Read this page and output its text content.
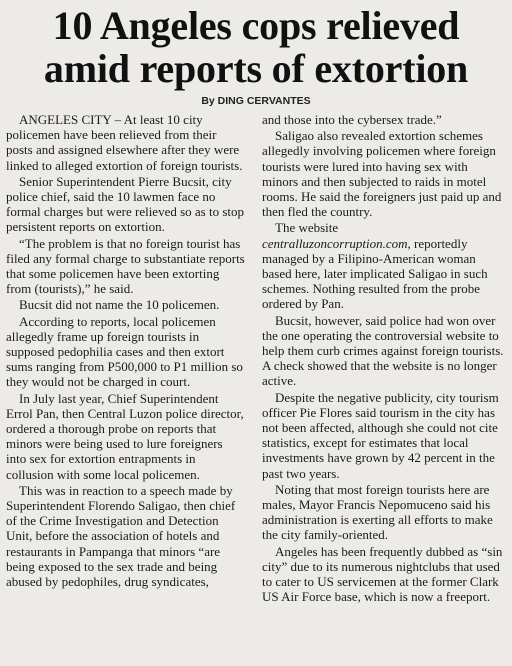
10 Angeles cops relieved
amid reports of extortion
By DING CERVANTES

ANGELES CITY – At least 10 city policemen have been relieved from their posts and assigned elsewhere after they were linked to alleged extortion of foreign tourists.

Senior Superintendent Pierre Bucsit, city police chief, said the 10 lawmen face no formal charges but were relieved so as to stop persistent reports on extortion.

“The problem is that no foreign tourist has filed any formal charge to substantiate reports that some policemen have been extorting from (tourists),” he said.

Bucsit did not name the 10 policemen.

According to reports, local policemen allegedly frame up foreign tourists in supposed pedophilia cases and then extort sums ranging from P500,000 to P1 million so they would not be charged in court.

In July last year, Chief Superintendent Errol Pan, then Central Luzon police director, ordered a thorough probe on reports that minors were being used to lure foreigners into sex for extortion entrapments in collusion with some local policemen.

This was in reaction to a speech made by Superintendent Florendo Saligao, then chief of the Crime Investigation and Detection Unit, before the association of hotels and restaurants in Pampanga that minors “are being exposed to the sex trade and being abused by pedophiles, drug syndicates,

and those into the cybersex trade.”

Saligao also revealed extortion schemes allegedly involving policemen where foreign tourists were lured into having sex with minors and then subjected to raids in motel rooms. He said the foreigners just paid up and then fled the country.

The website
centralluzoncorruption.com, reportedly managed by a Filipino-American woman based here, later implicated Saligao in such schemes. Nothing resulted from the probe ordered by Pan.

Bucsit, however, said police had won over the one operating the controversial website to help them curb crimes against foreign tourists. A check showed that the website is no longer active.

Despite the negative publicity, city tourism officer Pie Flores said tourism in the city has not been affected, although she could not cite statistics, except for estimates that local investments have grown by 42 percent in the past two years.

Noting that most foreign tourists here are males, Mayor Francis Nepomuceno said his administration is exerting all efforts to make the city family-oriented.

Angeles has been frequently dubbed as “sin city” due to its numerous nightclubs that used to cater to US servicemen at the former Clark US Air Force base, which is now a freeport.
